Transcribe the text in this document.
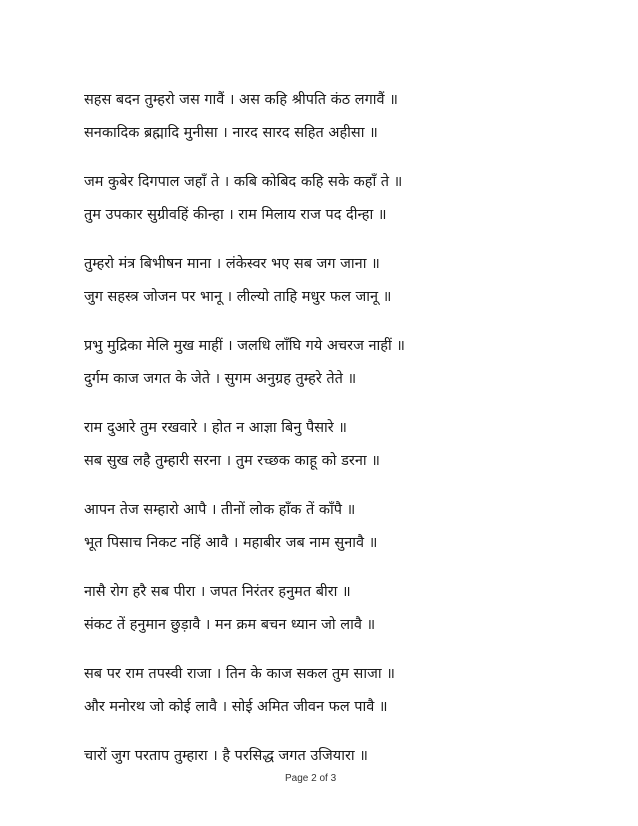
सहस बदन तुम्हरो जस गावैं । अस कहि श्रीपति कंठ लगावैं ॥
सनकादिक ब्रह्मादि मुनीसा । नारद सारद सहित अहीसा ॥
जम कुबेर दिगपाल जहाँ ते । कबि कोबिद कहि सके कहाँ ते ॥
तुम उपकार सुग्रीवहिं कीन्हा । राम मिलाय राज पद दीन्हा ॥
तुम्हरो मंत्र बिभीषन माना । लंकेस्वर भए सब जग जाना ॥
जुग सहस्त्र जोजन पर भानू । लील्यो ताहि मधुर फल जानू ॥
प्रभु मुद्रिका मेलि मुख माहीं । जलधि लाँघि गये अचरज नाहीं ॥
दुर्गम काज जगत के जेते । सुगम अनुग्रह तुम्हरे तेते ॥
राम दुआरे तुम रखवारे । होत न आज्ञा बिनु पैसारे ॥
सब सुख लहै तुम्हारी सरना । तुम रच्छक काहू को डरना ॥
आपन तेज सम्हारो आपै । तीनों लोक हाँक तें काँपै ॥
भूत पिसाच निकट नहिं आवै । महाबीर जब नाम सुनावै ॥
नासै रोग हरै सब पीरा । जपत निरंतर हनुमत बीरा ॥
संकट तें हनुमान छुड़ावै । मन क्रम बचन ध्यान जो लावै ॥
सब पर राम तपस्वी राजा । तिन के काज सकल तुम साजा ॥
और मनोरथ जो कोई लावै । सोई अमित जीवन फल पावै ॥
चारों जुग परताप तुम्हारा । है परसिद्ध जगत उजियारा ॥
Page 2 of 3
